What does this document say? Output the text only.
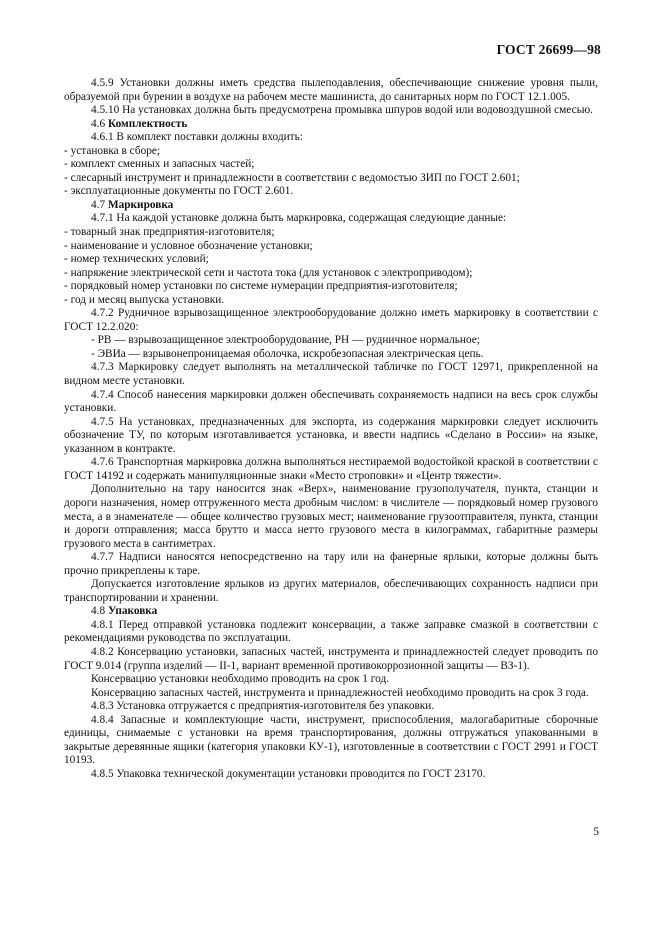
ГОСТ 26699—98

4.5.9 Установки должны иметь средства пылеподавления, обеспечивающие снижение уровня пыли, образуемой при бурении в воздухе на рабочем месте машиниста, до санитарных норм по ГОСТ 12.1.005.

4.5.10 На установках должна быть предусмотрена промывка шпуров водой или водовоздушной смесью.

4.6 Комплектность

4.6.1 В комплект поставки должны входить:

- установка в сборе;

- комплект сменных и запасных частей;

- слесарный инструмент и принадлежности в соответствии с ведомостью ЗИП по ГОСТ 2.601;

- эксплуатационные документы по ГОСТ 2.601.

4.7 Маркировка

4.7.1 На каждой установке должна быть маркировка, содержащая следующие данные:

- товарный знак предприятия-изготовителя;

- наименование и условное обозначение установки;

- номер технических условий;

- напряжение электрической сети и частота тока (для установок с электроприводом);

- порядковый номер установки по системе нумерации предприятия-изготовителя;

- год и месяц выпуска установки.

4.7.2 Рудничное взрывозащищенное электрооборудование должно иметь маркировку в соответствии с ГОСТ 12.2.020:

- РВ — взрывозащищенное электрооборудование, РН — рудничное нормальное;

- ЭВИа — взрывонепроницаемая оболочка, искробезопасная электрическая цепь.

4.7.3 Маркировку следует выполнять на металлической табличке по ГОСТ 12971, прикрепленной на видном месте установки.

4.7.4 Способ нанесения маркировки должен обеспечивать сохраняемость надписи на весь срок службы установки.

4.7.5 На установках, предназначенных для экспорта, из содержания маркировки следует исключить обозначение ТУ, по которым изготавливается установка, и ввести надпись «Сделано в России» на языке, указанном в контракте.

4.7.6 Транспортная маркировка должна выполняться нестираемой водостойкой краской в соответствии с ГОСТ 14192 и содержать манипуляционные знаки «Место строповки» и «Центр тяжести».

Дополнительно на тару наносится знак «Верх», наименование грузополучателя, пункта, станции и дороги назначения, номер отгруженного места дробным числом: в числителе — порядковый номер грузового места, а в знаменателе — общее количество грузовых мест; наименование грузоотправителя, пункта, станции и дороги отправления; масса брутто и масса нетто грузового места в килограммах, габаритные размеры грузового места в сантиметрах.

4.7.7 Надписи наносятся непосредственно на тару или на фанерные ярлыки, которые должны быть прочно прикреплены к таре.

Допускается изготовление ярлыков из других материалов, обеспечивающих сохранность надписи при транспортировании и хранении.

4.8 Упаковка

4.8.1 Перед отправкой установка подлежит консервации, а также заправке смазкой в соответствии с рекомендациями руководства по эксплуатации.

4.8.2 Консервацию установки, запасных частей, инструмента и принадлежностей следует проводить по ГОСТ 9.014 (группа изделий — II-1, вариант временной противокоррозионной защиты — ВЗ-1).

Консервацию установки необходимо проводить на срок 1 год.

Консервацию запасных частей, инструмента и принадлежностей необходимо проводить на срок 3 года.

4.8.3 Установка отгружается с предприятия-изготовителя без упаковки.

4.8.4 Запасные и комплектующие части, инструмент, приспособления, малогабаритные сборочные единицы, снимаемые с установки на время транспортирования, должны отгружаться упакованными в закрытые деревянные ящики (категория упаковки КУ-1), изготовленные в соответствии с ГОСТ 2991 и ГОСТ 10193.

4.8.5 Упаковка технической документации установки проводится по ГОСТ 23170.

5
